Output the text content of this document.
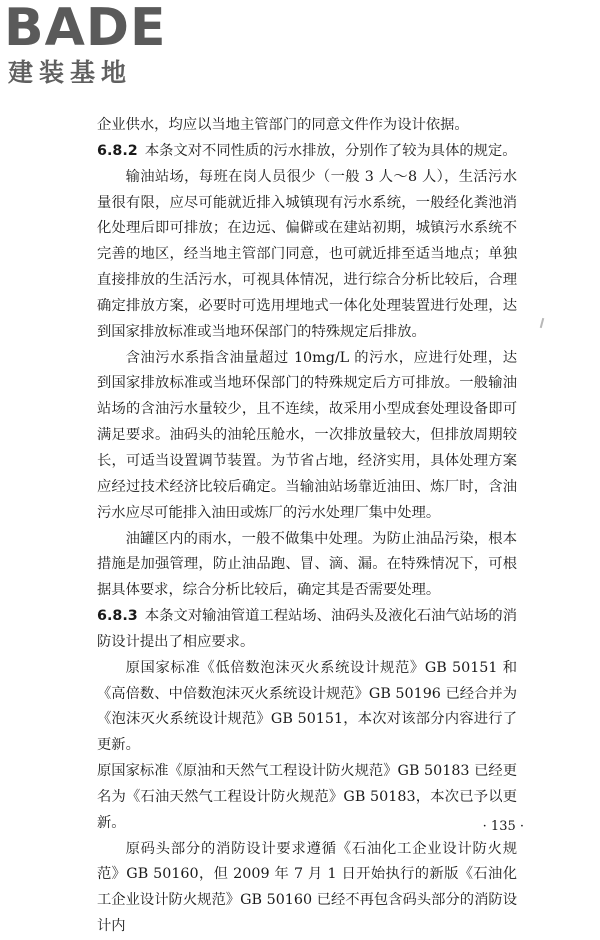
BADE
建装基地

企业供水，均应以当地主管部门的同意文件作为设计依据。

6.8.2 本条文对不同性质的污水排放，分别作了较为具体的规定。

输油站场，每班在岗人员很少（一般 3 人～8 人），生活污水量很有限，应尽可能就近排入城镇现有污水系统，一般经化粪池消化处理后即可排放；在边远、偏僻或在建站初期，城镇污水系统不完善的地区，经当地主管部门同意，也可就近排至适当地点；单独直接排放的生活污水，可视具体情况，进行综合分析比较后，合理确定排放方案，必要时可选用埋地式一体化处理装置进行处理，达到国家排放标准或当地环保部门的特殊规定后排放。

含油污水系指含油量超过 10mg/L 的污水，应进行处理，达到国家排放标准或当地环保部门的特殊规定后方可排放。一般输油站场的含油污水量较少，且不连续，故采用小型成套处理设备即可满足要求。油码头的油轮压舱水，一次排放量较大，但排放周期较长，可适当设置调节装置。为节省占地，经济实用，具体处理方案应经过技术经济比较后确定。当输油站场靠近油田、炼厂时，含油污水应尽可能排入油田或炼厂的污水处理厂集中处理。

油罐区内的雨水，一般不做集中处理。为防止油品污染，根本措施是加强管理，防止油品跑、冒、滴、漏。在特殊情况下，可根据具体要求，综合分析比较后，确定其是否需要处理。

6.8.3 本条文对输油管道工程站场、油码头及液化石油气站场的消防设计提出了相应要求。

原国家标准《低倍数泡沫灭火系统设计规范》GB 50151 和《高倍数、中倍数泡沫灭火系统设计规范》GB 50196 已经合并为《泡沫灭火系统设计规范》GB 50151，本次对该部分内容进行了更新。

原国家标准《原油和天然气工程设计防火规范》GB 50183 已经更名为《石油天然气工程设计防火规范》GB 50183，本次已予以更新。

原码头部分的消防设计要求遵循《石油化工企业设计防火规范》GB 50160，但 2009 年 7 月 1 日开始执行的新版《石油化工企业设计防火规范》GB 50160 已经不再包含码头部分的消防设计内

· 135 ·
